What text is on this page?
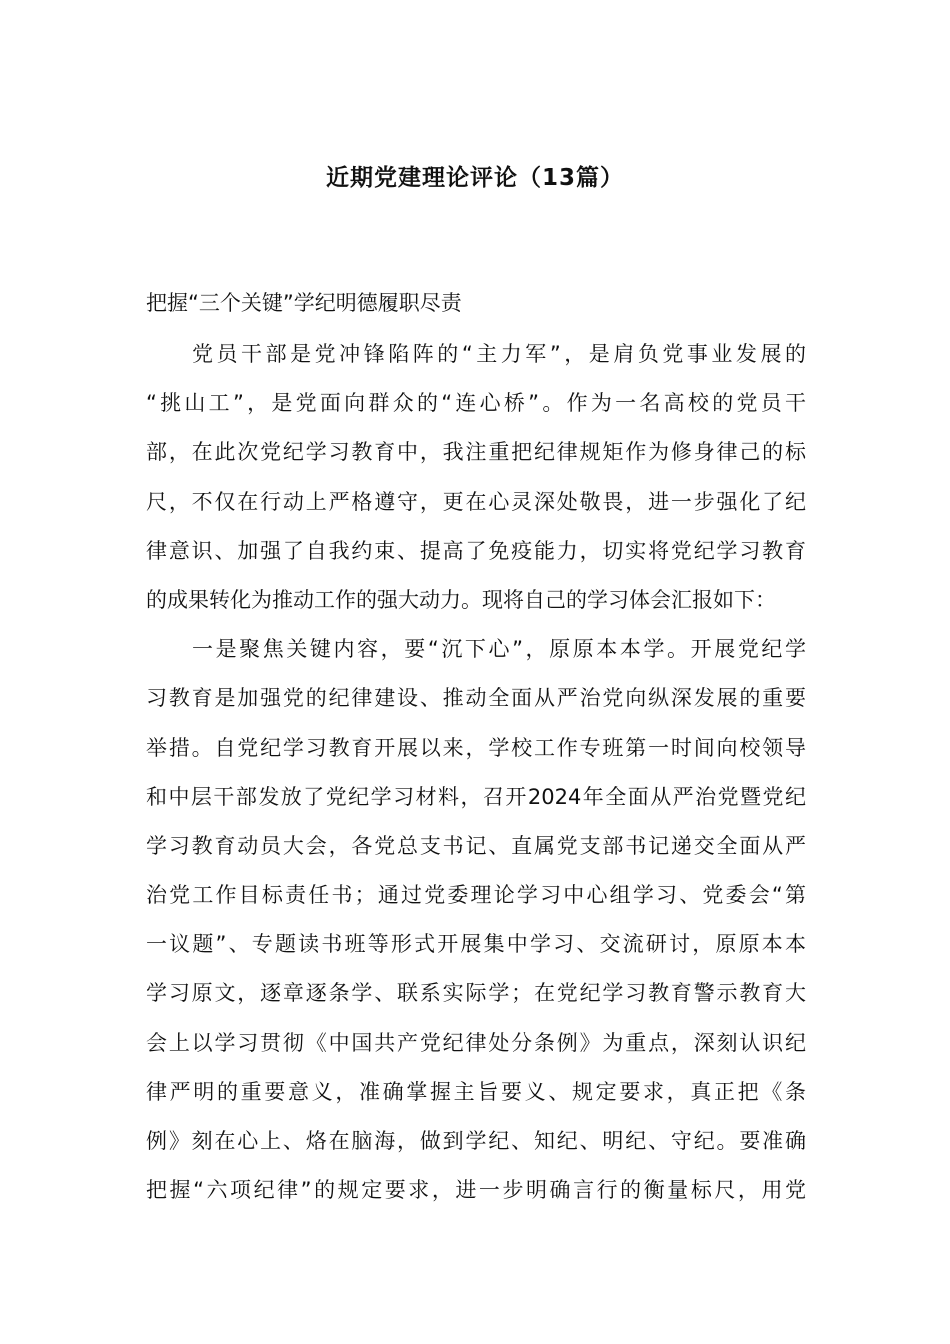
近期党建理论评论（13篇）
把握“三个关键”学纪明德履职尽责
党员干部是党冲锋陷阵的“主力军”，是肩负党事业发展的
“挑山工”，是党面向群众的“连心桥”。作为一名高校的党员干
部，在此次党纪学习教育中，我注重把纪律规矩作为修身律己的标
尺，不仅在行动上严格遵守，更在心灵深处敬畏，进一步强化了纪
律意识、加强了自我约束、提高了免疫能力，切实将党纪学习教育
的成果转化为推动工作的强大动力。现将自己的学习体会汇报如下：
一是聚焦关键内容，要“沉下心”，原原本本学。开展党纪学
习教育是加强党的纪律建设、推动全面从严治党向纵深发展的重要
举措。自党纪学习教育开展以来，学校工作专班第一时间向校领导
和中层干部发放了党纪学习材料，召开2024年全面从严治党暨党纪
学习教育动员大会，各党总支书记、直属党支部书记递交全面从严
治党工作目标责任书；通过党委理论学习中心组学习、党委会“第
一议题”、专题读书班等形式开展集中学习、交流研讨，原原本本
学习原文，逐章逐条学、联系实际学；在党纪学习教育警示教育大
会上以学习贯彻《中国共产党纪律处分条例》为重点，深刻认识纪
律严明的重要意义，准确掌握主旨要义、规定要求，真正把《条
例》刻在心上、烙在脑海，做到学纪、知纪、明纪、守纪。要准确
把握“六项纪律”的规定要求，进一步明确言行的衡量标尺，用党
